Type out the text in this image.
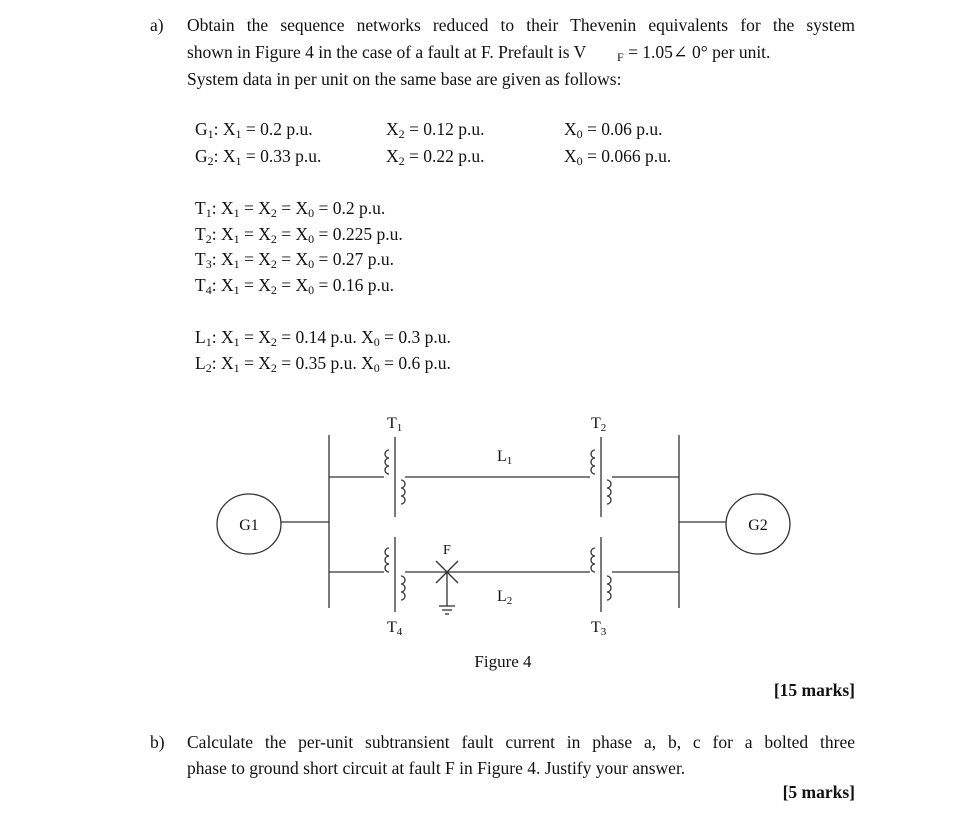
a) Obtain the sequence networks reduced to their Thevenin equivalents for the system
shown in Figure 4 in the case of a fault at F. Prefault is V	F = 1.05∠ 0° per unit.
System data in per unit on the same base are given as follows:
G1: X1 = 0.2 p.u.	X2 = 0.12 p.u.	X0 = 0.06 p.u.
G2: X1 = 0.33 p.u.	X2 = 0.22 p.u.	X0 = 0.066 p.u.
T1: X1 = X2 = X0 = 0.2 p.u.
T2: X1 = X2 = X0 = 0.225 p.u.
T3: X1 = X2 = X0 = 0.27 p.u.
T4: X1 = X2 = X0 = 0.16 p.u.
L1: X1 = X2 = 0.14 p.u. X0 = 0.3 p.u.
L2: X1 = X2 = 0.35 p.u. X0 = 0.6 p.u.
G1	G2
T1	T2
T4	T3
L1
L2
F
Figure 4
[15 marks]
b) Calculate the per-unit subtransient fault current in phase a, b, c for a bolted three
phase to ground short circuit at fault F in Figure 4. Justify your answer.
[5 marks]
